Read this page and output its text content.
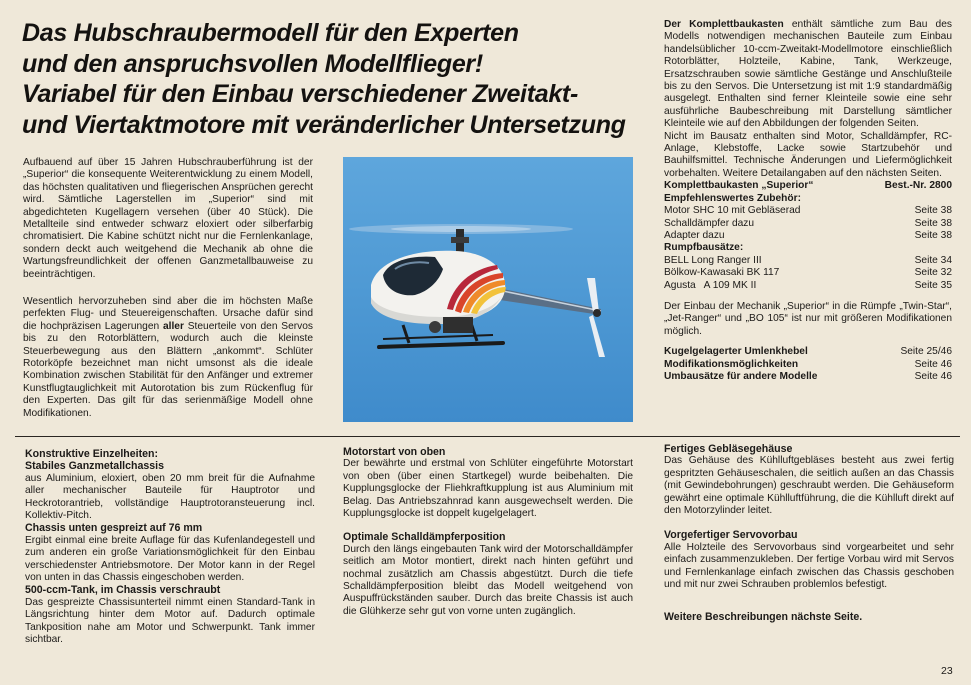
Das Hubschraubermodell für den Experten
und den anspruchsvollen Modellflieger!
Variabel für den Einbau verschiedener Zweitakt-
und Viertaktmotore mit veränderlicher Untersetzung

Aufbauend auf über 15 Jahren Hubschrauberführung ist der „Superior“ die konsequente Weiterentwicklung zu einem Modell, das höchsten qualitativen und fliegerischen Ansprüchen gerecht wird. Sämtliche Lagerstellen im „Superior“ sind mit abgedichteten Kugellagern versehen (über 40 Stück). Die Metallteile sind entweder schwarz eloxiert oder silberfarbig chromatisiert. Die Kabine schützt nicht nur die Fernlenkanlage, sondern deckt auch weitgehend die Mechanik ab ohne die Wartungsfreundlichkeit der offenen Ganzmetallbauweise zu beeinträchtigen.

Wesentlich hervorzuheben sind aber die im höchsten Maße perfekten Flug- und Steuereigenschaften. Ursache dafür sind die hochpräzisen Lagerungen aller Steuerteile von den Servos bis zu den Rotorblättern, wodurch auch die kleinste Steuerbewegung aus den Blättern „ankommt“. Schlüter Rotorköpfe bezeichnet man nicht umsonst als die ideale Kombination zwischen Stabilität für den Anfänger und extremer Kunstflugtauglichkeit mit Autorotation bis zum Rückenflug für den Experten. Das gilt für das serienmäßige Modell ohne Modifikationen.

Der Komplettbaukasten enthält sämtliche zum Bau des Modells notwendigen mechanischen Bauteile zum Einbau handelsüblicher 10-ccm-Zweitakt-Modellmotore einschließlich Rotorblätter, Holzteile, Kabine, Tank, Werkzeuge, Ersatzschrauben sowie sämtliche Gestänge und Anschlußteile bis zu den Servos. Die Untersetzung ist mit 1:9 standardmäßig ausgelegt. Enthalten sind ferner Kleinteile sowie eine sehr ausführliche Baubeschreibung mit Darstellung sämtlicher Kleinteile wie auf den Abbildungen der folgenden Seiten.

Nicht im Bausatz enthalten sind Motor, Schalldämpfer, RC-Anlage, Klebstoffe, Lacke sowie Startzubehör und Bauhilfsmittel. Technische Änderungen und Liefermöglichkeit vorbehalten. Weitere Detailangaben auf den nächsten Seiten.

Komplettbaukasten „Superior“	Best.-Nr. 2800
Empfehlenswertes Zubehör:
Motor SHC 10 mit Gebläserad	Seite 38
Schalldämpfer dazu	Seite 38
Adapter dazu	Seite 38
Rumpfbausätze:
BELL Long Ranger III	Seite 34
Bölkow-Kawasaki BK 117	Seite 32
Agusta   A 109 MK II	Seite 35

Der Einbau der Mechanik „Superior“ in die Rümpfe „Twin-Star“, „Jet-Ranger“ und „BO 105“ ist nur mit größeren Modifikationen möglich.

Kugelgelagerter Umlenkhebel	Seite 25/46
Modifikationsmöglichkeiten	Seite 46
Umbausätze für andere Modelle	Seite 46
Konstruktive Einzelheiten:
Stabiles Ganzmetallchassis

aus Aluminium, eloxiert, oben 20 mm breit für die Aufnahme aller mechanischer Bauteile für Hauptrotor und Heckrotorantrieb, vollständige Hauptrotoransteuerung incl. Kollektiv-Pitch.

Chassis unten gespreizt auf 76 mm

Ergibt einmal eine breite Auflage für das Kufenlandegestell und zum anderen ein große Variationsmöglichkeit für den Einbau verschiedenster Antriebsmotore. Der Motor kann in der Regel von unten in das Chassis eingeschoben werden.

500-ccm-Tank, im Chassis verschraubt

Das gespreizte Chassisunterteil nimmt einen Standard-Tank in Längsrichtung hinter dem Motor auf. Dadurch optimale Tankposition nahe am Motor und Schwerpunkt. Tank immer sichtbar.

Motorstart von oben

Der bewährte und erstmal von Schlüter eingeführte Motorstart von oben (über einen Startkegel) wurde beibehalten. Die Kupplungsglocke der Fliehkraftkupplung ist aus Aluminium mit Belag. Das Antriebszahnrad kann ausgewechselt werden. Die Kupplungsglocke ist doppelt kugelgelagert.

Optimale Schalldämpferposition

Durch den längs eingebauten Tank wird der Motorschalldämpfer seitlich am Motor montiert, direkt nach hinten geführt und nochmal zusätzlich am Chassis abgestützt. Durch die tiefe Schalldämpferposition bleibt das Modell weitgehend von Auspuffrückständen sauber. Durch das breite Chassis ist auch die Glühkerze sehr gut von vorne unten zugänglich.

Fertiges Gebläsegehäuse

Das Gehäuse des Kühlluftgebläses besteht aus zwei fertig gespritzten Gehäuseschalen, die seitlich außen an das Chassis (mit Gewindebohrungen) geschraubt werden. Die Gehäuseform gewährt eine optimale Kühlluftführung, die die Kühlluft direkt auf den Motorzylinder leitet.

Vorgefertiger Servovorbau

Alle Holzteile des Servovorbaus sind vorgearbeitet und sehr einfach zusammenzukleben. Der fertige Vorbau wird mit Servos und Fernlenkanlage einfach zwischen das Chassis geschoben und mit nur zwei Schrauben problemlos befestigt.

Weitere Beschreibungen nächste Seite.
23
